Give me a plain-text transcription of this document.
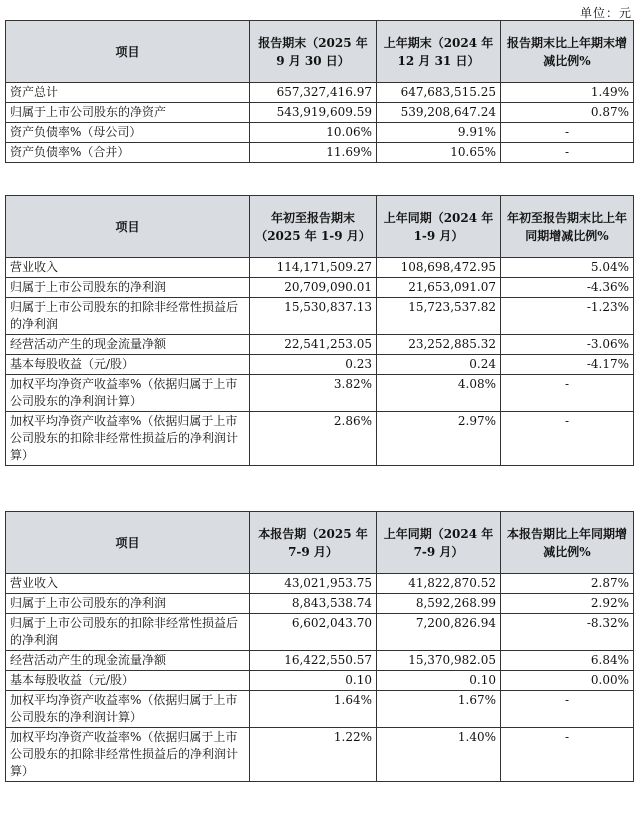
单位：元
项目	报告期末（2025 年 9 月 30 日）	上年期末（2024 年 12 月 31 日）	报告期末比上年期末增减比例%
资产总计	657,327,416.97	647,683,515.25	1.49%
归属于上市公司股东的净资产	543,919,609.59	539,208,647.24	0.87%
资产负债率%（母公司）	10.06%	9.91%	-
资产负债率%（合并）	11.69%	10.65%	-
项目	年初至报告期末（2025 年 1-9 月）	上年同期（2024 年 1-9 月）	年初至报告期末比上年同期增减比例%
营业收入	114,171,509.27	108,698,472.95	5.04%
归属于上市公司股东的净利润	20,709,090.01	21,653,091.07	-4.36%
归属于上市公司股东的扣除非经常性损益后的净利润	15,530,837.13	15,723,537.82	-1.23%
经营活动产生的现金流量净额	22,541,253.05	23,252,885.32	-3.06%
基本每股收益（元/股）	0.23	0.24	-4.17%
加权平均净资产收益率%（依据归属于上市公司股东的净利润计算）	3.82%	4.08%	-
加权平均净资产收益率%（依据归属于上市公司股东的扣除非经常性损益后的净利润计算）	2.86%	2.97%	-
项目	本报告期（2025 年 7-9 月）	上年同期（2024 年 7-9 月）	本报告期比上年同期增减比例%
营业收入	43,021,953.75	41,822,870.52	2.87%
归属于上市公司股东的净利润	8,843,538.74	8,592,268.99	2.92%
归属于上市公司股东的扣除非经常性损益后的净利润	6,602,043.70	7,200,826.94	-8.32%
经营活动产生的现金流量净额	16,422,550.57	15,370,982.05	6.84%
基本每股收益（元/股）	0.10	0.10	0.00%
加权平均净资产收益率%（依据归属于上市公司股东的净利润计算）	1.64%	1.67%	-
加权平均净资产收益率%（依据归属于上市公司股东的扣除非经常性损益后的净利润计算）	1.22%	1.40%	-
